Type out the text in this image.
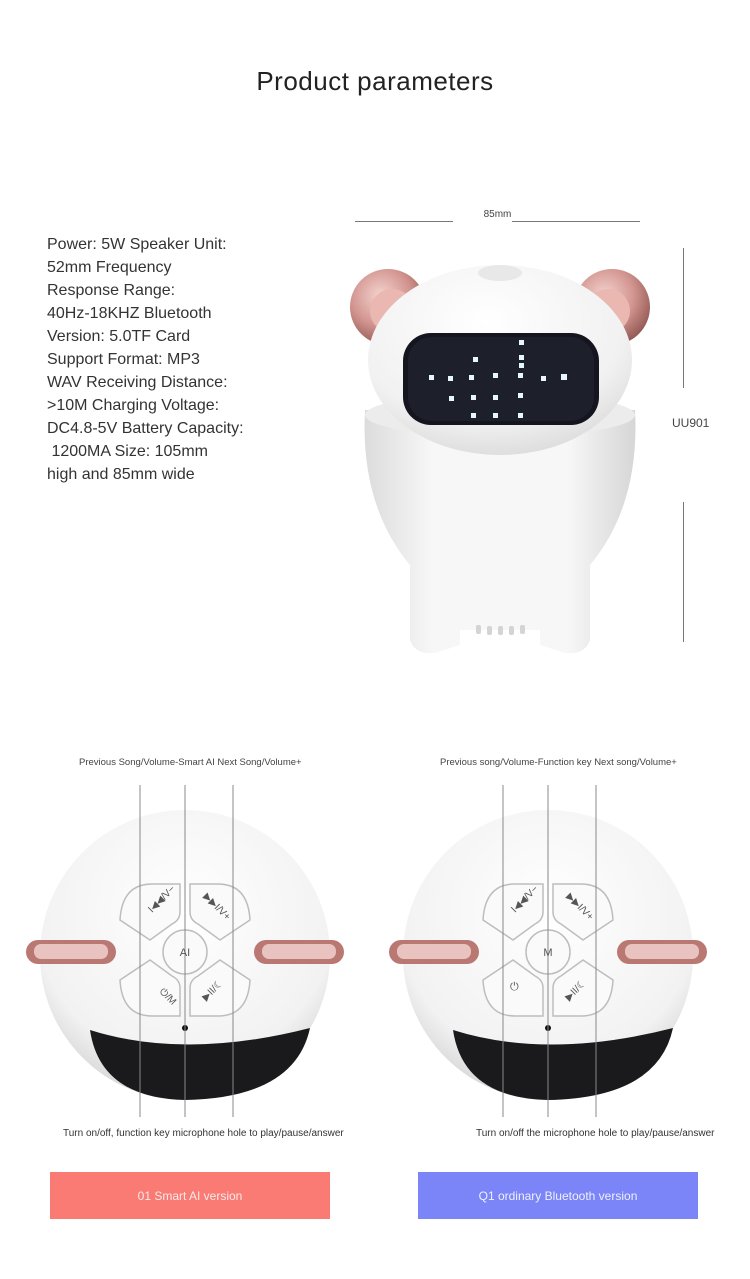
Product parameters
Power: 5W Speaker Unit:
52mm Frequency
Response Range:
40Hz-18KHZ Bluetooth
Version: 5.0TF Card
Support Format: MP3
WAV Receiving Distance:
>10M Charging Voltage:
DC4.8-5V Battery Capacity:
1200MA Size: 105mm
high and 85mm wide
85mm
UU901
Previous Song/Volume-Smart AI Next Song/Volume+
I◀◀/V− ▶▶I/V+
⏻/M ▶II/☾
AI
Turn on/off, function key microphone hole to play/pause/answer
01 Smart AI version
Previous song/Volume-Function key Next song/Volume+
I◀◀/V− ▶▶I/V+
⏻	▶II/☾
M
Turn on/off the microphone hole to play/pause/answer
Q1 ordinary Bluetooth version
